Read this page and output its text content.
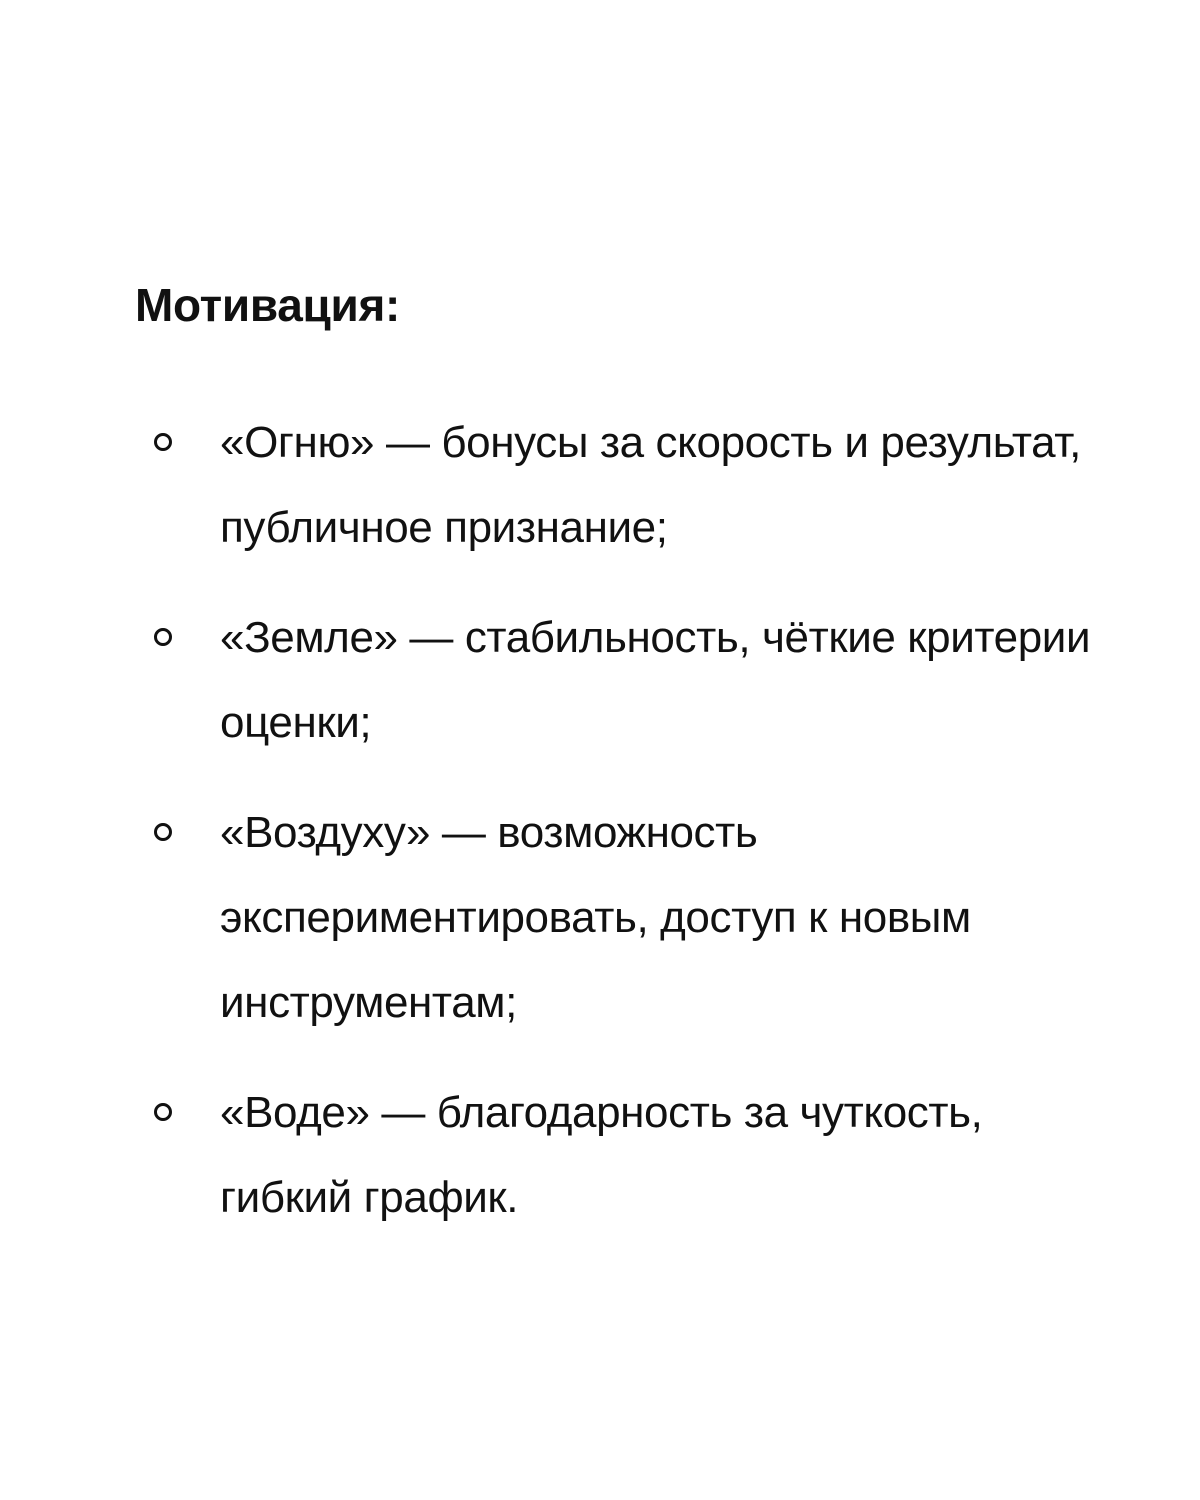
Мотивация:
«Огню» — бонусы за скорость и результат, публичное признание;
«Земле» — стабильность, чёткие критерии оценки;
«Воздуху» — возможность экспериментировать, доступ к новым инструментам;
«Воде» — благодарность за чуткость, гибкий график.
